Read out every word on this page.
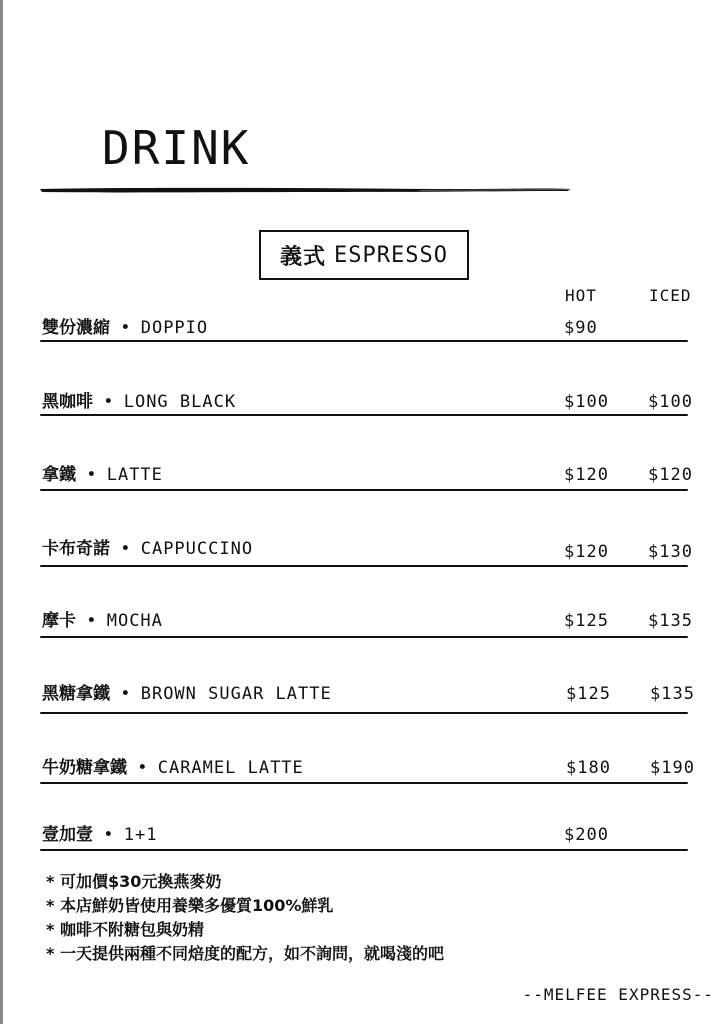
DRINK
義式 ESPRESSO
HOT	ICED
雙份濃縮 • DOPPIO	$90
黑咖啡 • LONG BLACK	$100 $100
拿鐵 • LATTE	$120 $120
卡布奇諾 • CAPPUCCINO	$120 $130
摩卡 • MOCHA	$125 $135
黑糖拿鐵 • BROWN SUGAR LATTE	$125 $135
牛奶糖拿鐵 • CARAMEL LATTE	$180 $190
壹加壹 • 1+1	$200
* 可加價$30元換燕麥奶
* 本店鮮奶皆使用養樂多優質100%鮮乳
* 咖啡不附糖包與奶精
* 一天提供兩種不同焙度的配方，如不詢問，就喝淺的吧
--MELFEE EXPRESS--
